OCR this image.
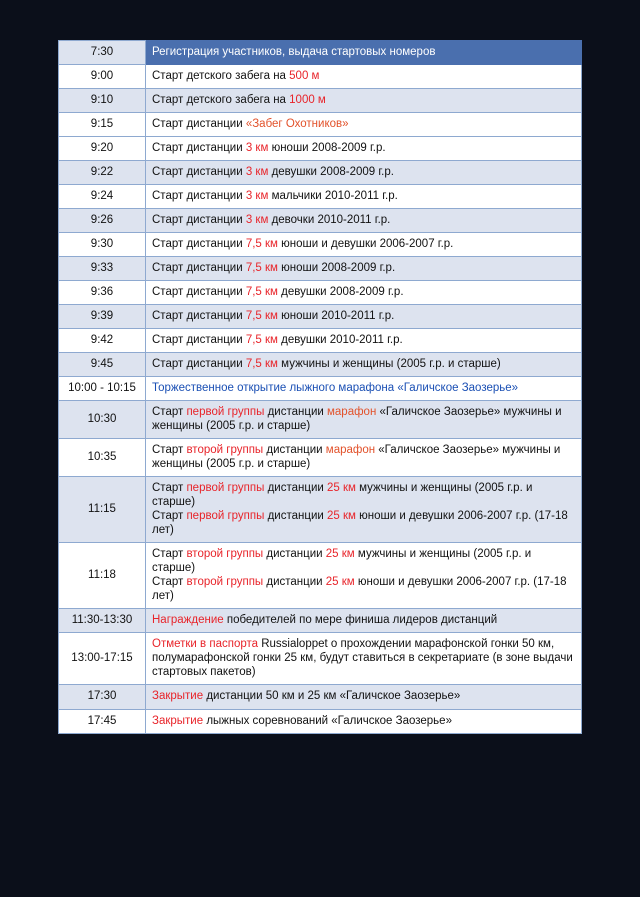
7:30	Регистрация участников, выдача стартовых номеров
9:00	Старт детского забега на 500 м
9:10	Старт детского забега на 1000 м
9:15	Старт дистанции «Забег Охотников»
9:20	Старт дистанции 3 км юноши 2008-2009 г.р.
9:22	Старт дистанции 3 км девушки 2008-2009 г.р.
9:24	Старт дистанции 3 км мальчики 2010-2011 г.р.
9:26	Старт дистанции 3 км девочки 2010-2011 г.р.
9:30	Старт дистанции 7,5 км юноши и девушки 2006-2007 г.р.
9:33	Старт дистанции 7,5 км юноши 2008-2009 г.р.
9:36	Старт дистанции 7,5 км девушки 2008-2009 г.р.
9:39	Старт дистанции 7,5 км юноши 2010-2011 г.р.
9:42	Старт дистанции 7,5 км девушки 2010-2011 г.р.
9:45	Старт дистанции 7,5 км мужчины и женщины (2005 г.р. и старше)
10:00 - 10:15	Торжественное открытие лыжного марафона «Галичское Заозерье»
10:30	Старт первой группы дистанции марафон «Галичское Заозерье» мужчины и женщины (2005 г.р. и старше)
10:35	Старт второй группы дистанции марафон «Галичское Заозерье» мужчины и женщины (2005 г.р. и старше)
11:15	Старт первой группы дистанции 25 км мужчины и женщины (2005 г.р. и старше)
Старт первой группы дистанции 25 км юноши и девушки 2006-2007 г.р. (17-18 лет)
11:18	Старт второй группы дистанции 25 км мужчины и женщины (2005 г.р. и старше)
Старт второй группы дистанции 25 км юноши и девушки 2006-2007 г.р. (17-18 лет)
11:30-13:30	Награждение победителей по мере финиша лидеров дистанций
13:00-17:15	Отметки в паспорта Russialoppet о прохождении марафонской гонки 50 км, полумарафонской гонки 25 км, будут ставиться в секретариате (в зоне выдачи стартовых пакетов)
17:30	Закрытие дистанции 50 км и 25 км «Галичское Заозерье»
17:45	Закрытие лыжных соревнований «Галичское Заозерье»
